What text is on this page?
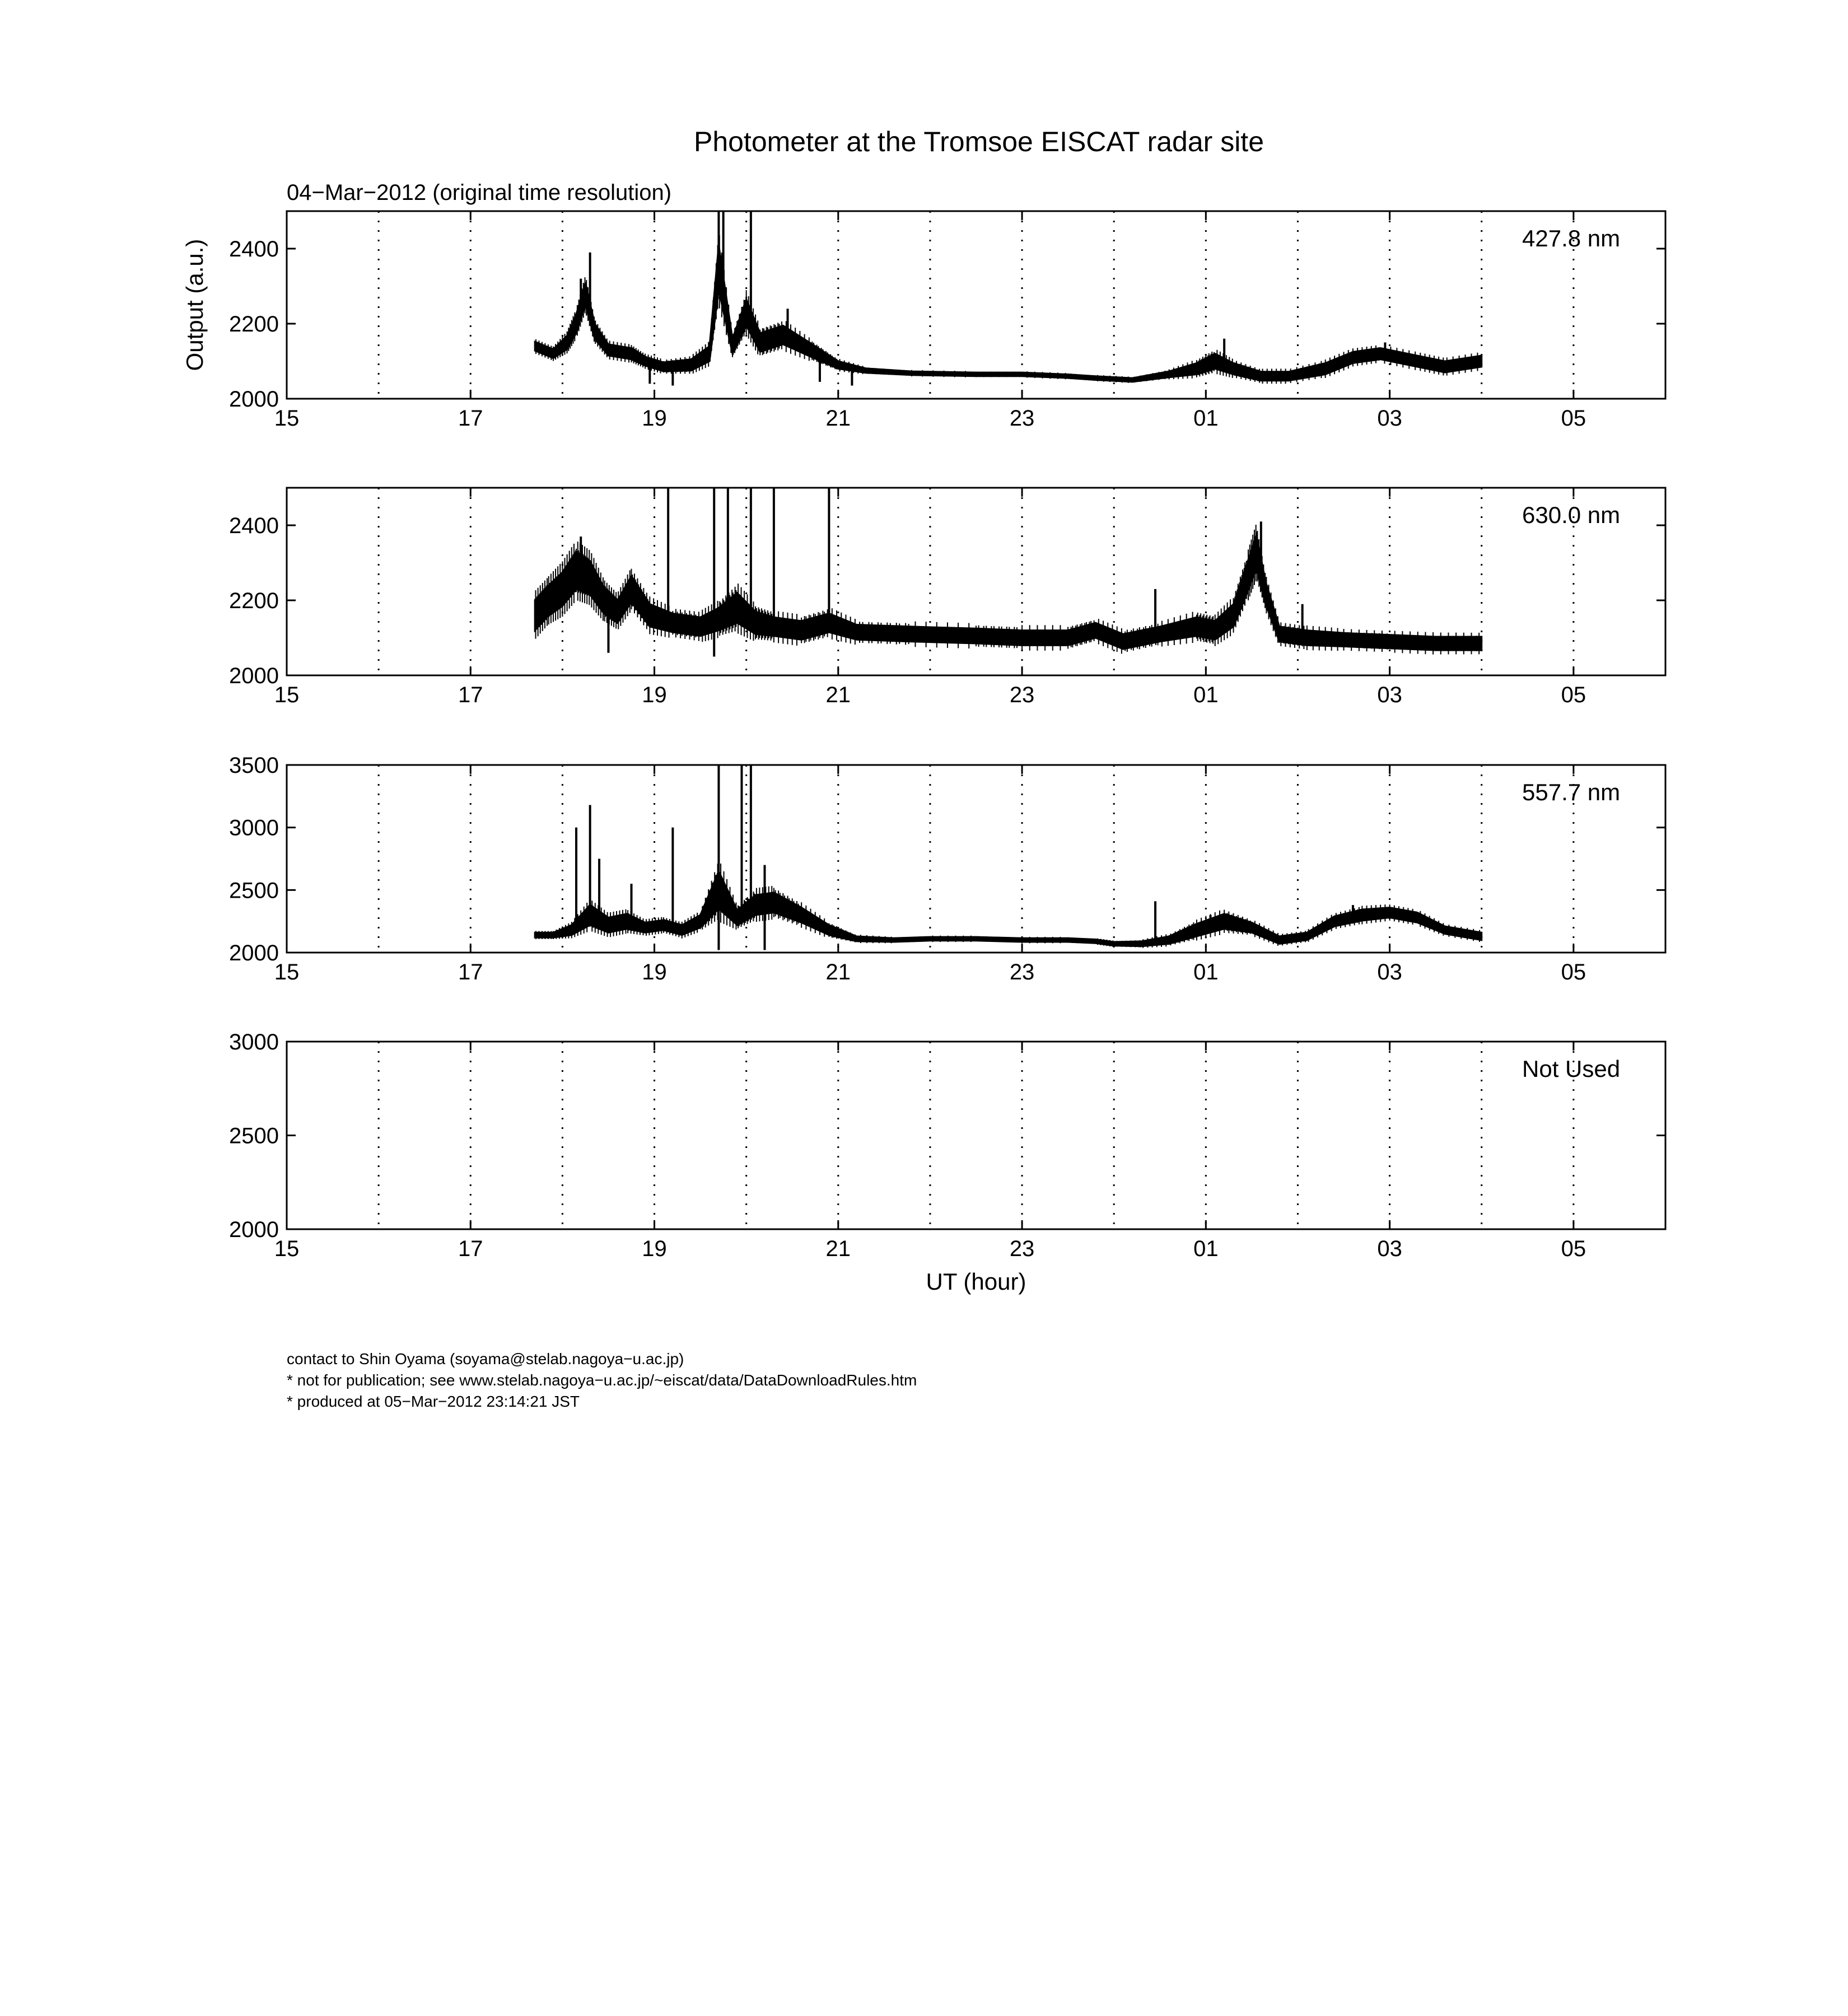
Photometer at the Tromsoe EISCAT radar site
04−Mar−2012 (original time resolution)
15	17	19	21	23	01	03	05
2000
2200
2400	427.8 nm
Output (a.u.)
15	17	19	21	23	01	03	05
2000
2200
2400	630.0 nm
15	17	19	21	23	01	03	05
2000
2500
3000
3500
557.7 nm
15	17	19	21	23	01	03	05
2000
2500
3000
Not Used
UT (hour)
contact to Shin Oyama (soyama@stelab.nagoya−u.ac.jp)
* not for publication; see www.stelab.nagoya−u.ac.jp/~eiscat/data/DataDownloadRules.htm
* produced at 05−Mar−2012 23:14:21 JST
